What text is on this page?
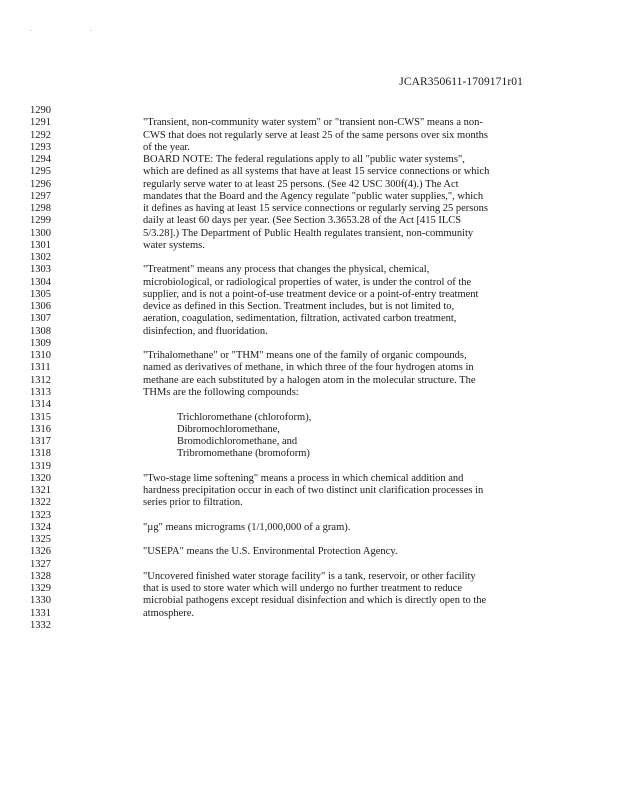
. .
JCAR350611-1709171r01
1290
1291	"Transient, non-community water system" or "transient non-CWS" means a non-
1292	CWS that does not regularly serve at least 25 of the same persons over six months
1293	of the year.
1294	BOARD NOTE: The federal regulations apply to all "public water systems",
1295	which are defined as all systems that have at least 15 service connections or which
1296	regularly serve water to at least 25 persons. (See 42 USC 300f(4).) The Act
1297	mandates that the Board and the Agency regulate "public water supplies,", which
1298	it defines as having at least 15 service connections or regularly serving 25 persons
1299	daily at least 60 days per year. (See Section 3.3653.28 of the Act [415 ILCS
1300	5/3.28].) The Department of Public Health regulates transient, non-community
1301	water systems.
1302
1303	"Treatment" means any process that changes the physical, chemical,
1304	microbiological, or radiological properties of water, is under the control of the
1305	supplier, and is not a point-of-use treatment device or a point-of-entry treatment
1306	device as defined in this Section. Treatment includes, but is not limited to,
1307	aeration, coagulation, sedimentation, filtration, activated carbon treatment,
1308	disinfection, and fluoridation.
1309
1310	"Trihalomethane" or "THM" means one of the family of organic compounds,
1311	named as derivatives of methane, in which three of the four hydrogen atoms in
1312	methane are each substituted by a halogen atom in the molecular structure. The
1313	THMs are the following compounds:
1314
1315	Trichloromethane (chloroform),
1316	Dibromochloromethane,
1317	Bromodichloromethane, and
1318	Tribromomethane (bromoform)
1319
1320	"Two-stage lime softening" means a process in which chemical addition and
1321	hardness precipitation occur in each of two distinct unit clarification processes in
1322	series prior to filtration.
1323
1324	"µg" means micrograms (1/1,000,000 of a gram).
1325
1326	"USEPA" means the U.S. Environmental Protection Agency.
1327
1328	"Uncovered finished water storage facility" is a tank, reservoir, or other facility
1329	that is used to store water which will undergo no further treatment to reduce
1330	microbial pathogens except residual disinfection and which is directly open to the
1331	atmosphere.
1332
